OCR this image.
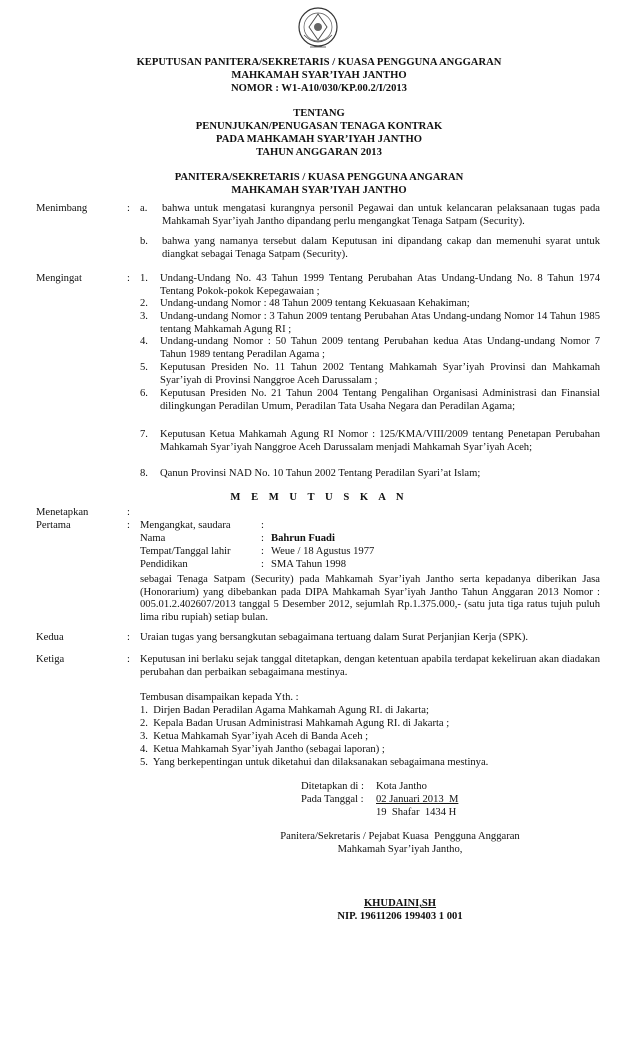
KEPUTUSAN PANITERA/SEKRETARIS / KUASA PENGGUNA ANGGARAN
MAHKAMAH SYAR’IYAH JANTHO
NOMOR : W1-A10/030/KP.00.2/I/2013
TENTANG
PENUNJUKAN/PENUGASAN TENAGA KONTRAK
PADA MAHKAMAH SYAR’IYAH JANTHO
TAHUN ANGGARAN 2013
PANITERA/SEKRETARIS / KUASA PENGGUNA ANGARAN
MAHKAMAH SYAR’IYAH JANTHO
Menimbang	: a. bahwa untuk mengatasi kurangnya personil Pegawai dan untuk kelancaran pelaksanaan tugas pada Mahkamah Syar’iyah Jantho dipandang perlu mengangkat Tenaga Satpam (Security).
b. bahwa yang namanya tersebut dalam Keputusan ini dipandang cakap dan memenuhi syarat untuk diangkat sebagai Tenaga Satpam (Security).
Mengingat	: 1. Undang-Undang No. 43 Tahun 1999 Tentang Perubahan Atas Undang-Undang No. 8 Tahun 1974 Tentang Pokok-pokok Kepegawaian ;
2. Undang-undang Nomor : 48 Tahun 2009 tentang Kekuasaan Kehakiman;
3. Undang-undang Nomor : 3 Tahun 2009 tentang Perubahan Atas Undang-undang Nomor 14 Tahun 1985 tentang Mahkamah Agung RI ;
4. Undang-undang Nomor : 50 Tahun 2009 tentang Perubahan kedua Atas Undang-undang Nomor 7 Tahun 1989 tentang Peradilan Agama ;
5. Keputusan Presiden No. 11 Tahun 2002 Tentang Mahkamah Syar’iyah Provinsi dan Mahkamah Syar’iyah di Provinsi Nanggroe Aceh Darussalam ;
6. Keputusan Presiden No. 21 Tahun 2004 Tentang Pengalihan Organisasi Administrasi dan Finansial dilingkungan Peradilan Umum, Peradilan Tata Usaha Negara dan Peradilan Agama;
7. Keputusan Ketua Mahkamah Agung RI Nomor : 125/KMA/VIII/2009 tentang Penetapan Perubahan Mahkamah Syar’iyah Nanggroe Aceh Darussalam menjadi Mahkamah Syar’iyah Aceh;
8. Qanun Provinsi NAD No. 10 Tahun 2002 Tentang Peradilan Syari’at Islam;
M E M U T U S K A N
Menetapkan	:
Pertama	: Mengangkat, saudara	:
Nama	: Bahrun Fuadi
Tempat/Tanggal lahir	: Weue / 18 Agustus 1977
Pendidikan	: SMA Tahun 1998
sebagai Tenaga Satpam (Security) pada Mahkamah Syar’iyah Jantho serta kepadanya diberikan Jasa (Honorarium) yang dibebankan pada DIPA Mahkamah Syar’iyah Jantho Tahun Anggaran 2013 Nomor : 005.01.2.402607/2013 tanggal 5 Desember 2012, sejumlah Rp.1.375.000,- (satu juta tiga ratus tujuh puluh lima ribu rupiah) setiap bulan.
Kedua	: Uraian tugas yang bersangkutan sebagaimana tertuang dalam Surat Perjanjian Kerja (SPK).
Ketiga	: Keputusan ini berlaku sejak tanggal ditetapkan, dengan ketentuan apabila terdapat kekeliruan akan diadakan perubahan dan perbaikan sebagaimana mestinya.
Tembusan disampaikan kepada Yth. :
1.  Dirjen Badan Peradilan Agama Mahkamah Agung RI. di Jakarta;
2.  Kepala Badan Urusan Administrasi Mahkamah Agung RI. di Jakarta ;
3.  Ketua Mahkamah Syar’iyah Aceh di Banda Aceh ;
4.  Ketua Mahkamah Syar’iyah Jantho (sebagai laporan) ;
5.  Yang berkepentingan untuk diketahui dan dilaksanakan sebagaimana mestinya.
Ditetapkan di : Kota Jantho
Pada Tanggal : 02 Januari 2013  M
19  Shafar  1434 H
Panitera/Sekretaris / Pejabat Kuasa  Pengguna Anggaran
Mahkamah Syar’iyah Jantho,
KHUDAINI,SH
NIP. 19611206 199403 1 001
